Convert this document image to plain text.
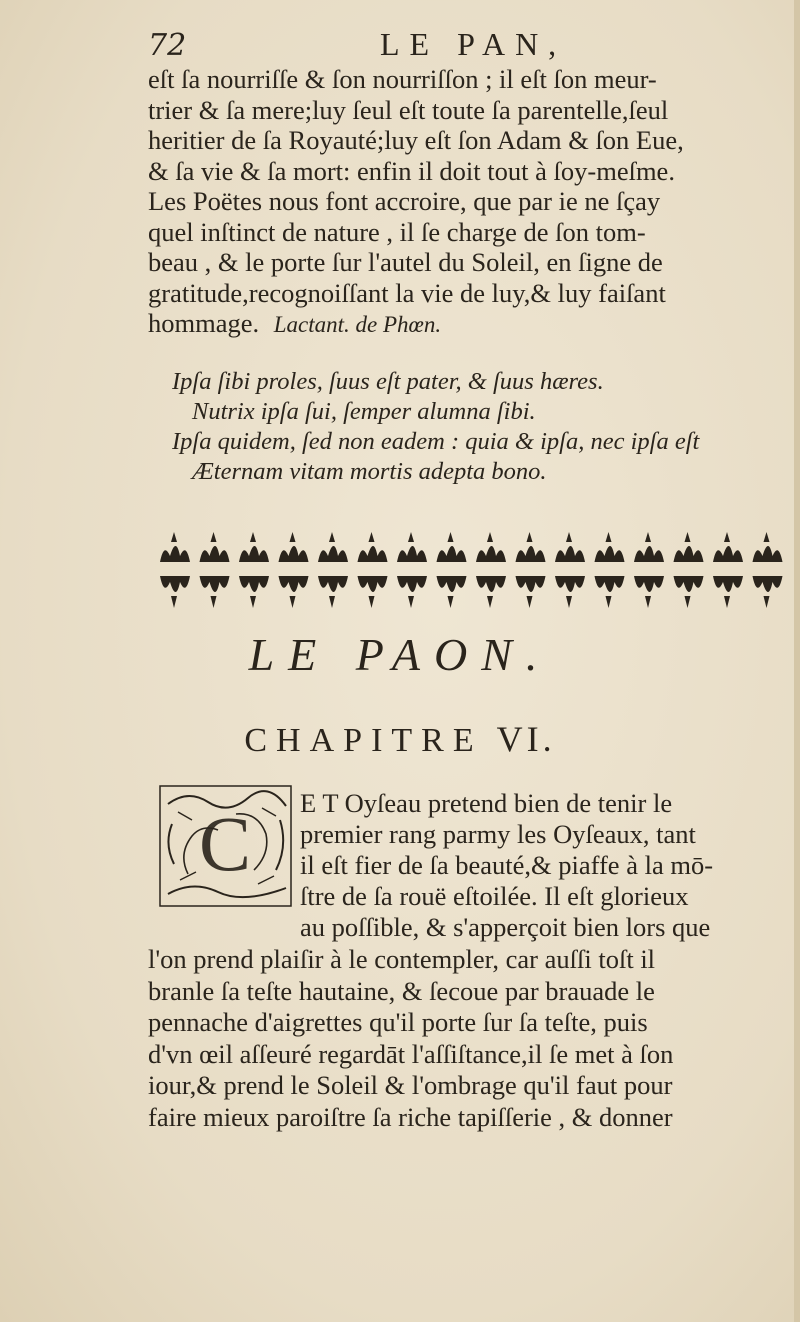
72	LE PAN,
eſt ſa nourriſſe & ſon nourriſſon ; il eſt ſon meur-
trier & ſa mere;luy ſeul eſt toute ſa parentelle,ſeul
heritier de ſa Royauté;luy eſt ſon Adam & ſon Eue,
& ſa vie & ſa mort: enfin il doit tout à ſoy-meſme.
Les Poëtes nous font accroire, que par ie ne ſçay
quel inſtinct de nature , il ſe charge de ſon tom-
beau , & le porte ſur l'autel du Soleil, en ſigne de
gratitude,recognoiſſant la vie de luy,& luy faiſant
hommage. Lactant. de Phœn.
Ipſa ſibi proles, ſuus eſt pater, & ſuus hæres.
Nutrix ipſa ſui, ſemper alumna ſibi.
Ipſa quidem, ſed non eadem : quia & ipſa, nec ipſa eſt
Æternam vitam mortis adepta bono.
LE PAON.
CHAPITRE VI.
C E T Oyſeau pretend bien de tenir le
premier rang parmy les Oyſeaux, tant
il eſt fier de ſa beauté,& piaffe à la mō-
ſtre de ſa rouë eſtoilée. Il eſt glorieux
au poſſible, & s'apperçoit bien lors que
l'on prend plaiſir à le contempler, car auſſi toſt il
branle ſa teſte hautaine, & ſecoue par brauade le
pennache d'aigrettes qu'il porte ſur ſa teſte, puis
d'vn œil aſſeuré regardāt l'aſſiſtance,il ſe met à ſon
iour,& prend le Soleil & l'ombrage qu'il faut pour
faire mieux paroiſtre ſa riche tapiſſerie , & donner
